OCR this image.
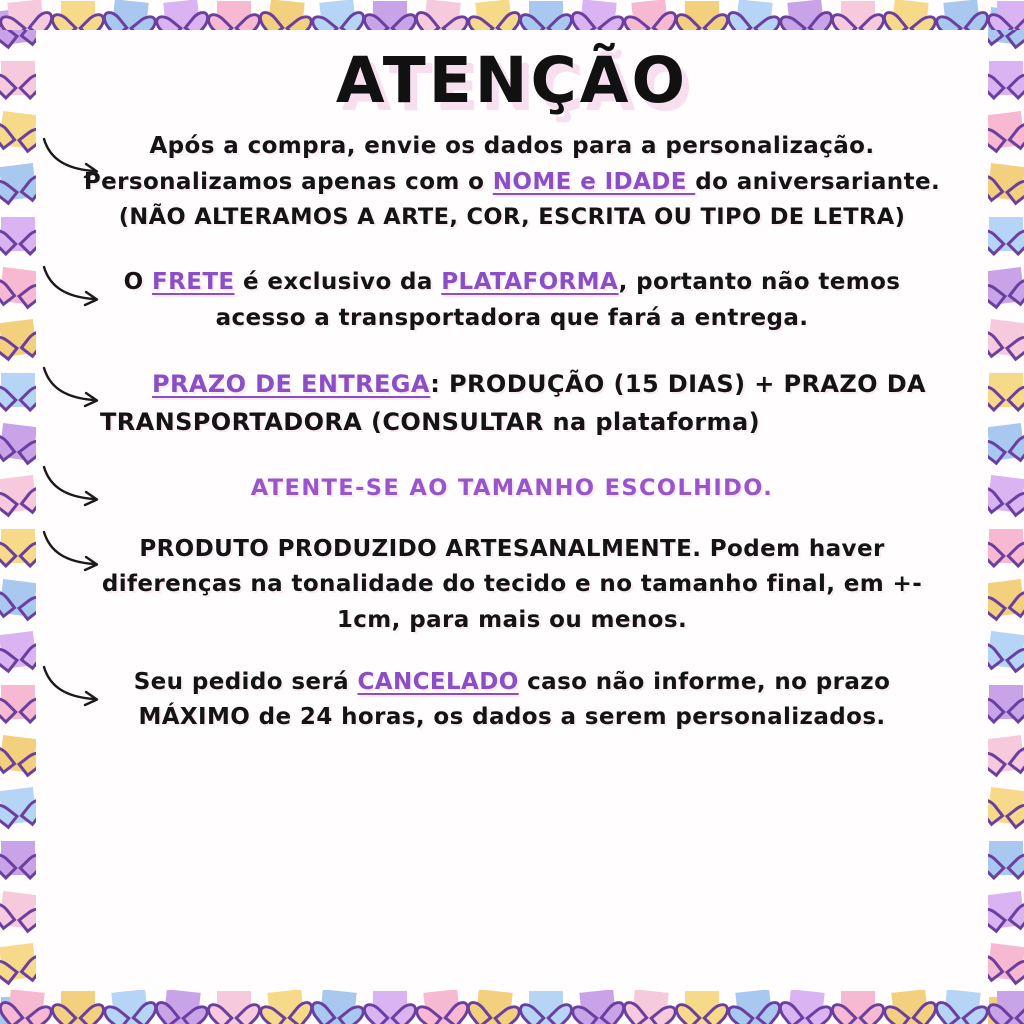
ATENÇÃO
Após a compra, envie os dados para a personalização.
Personalizamos apenas com o NOME e IDADE do aniversariante.
(NÃO ALTERAMOS A ARTE, COR, ESCRITA OU TIPO DE LETRA)
O FRETE é exclusivo da PLATAFORMA, portanto não temos
acesso a transportadora que fará a entrega.
PRAZO DE ENTREGA: PRODUÇÃO (15 DIAS) + PRAZO DA
TRANSPORTADORA (CONSULTAR na plataforma)
ATENTE-SE AO TAMANHO ESCOLHIDO.
PRODUTO PRODUZIDO ARTESANALMENTE. Podem haver
diferenças na tonalidade do tecido e no tamanho final, em +-
1cm, para mais ou menos.
Seu pedido será CANCELADO caso não informe, no prazo
MÁXIMO de 24 horas, os dados a serem personalizados.
